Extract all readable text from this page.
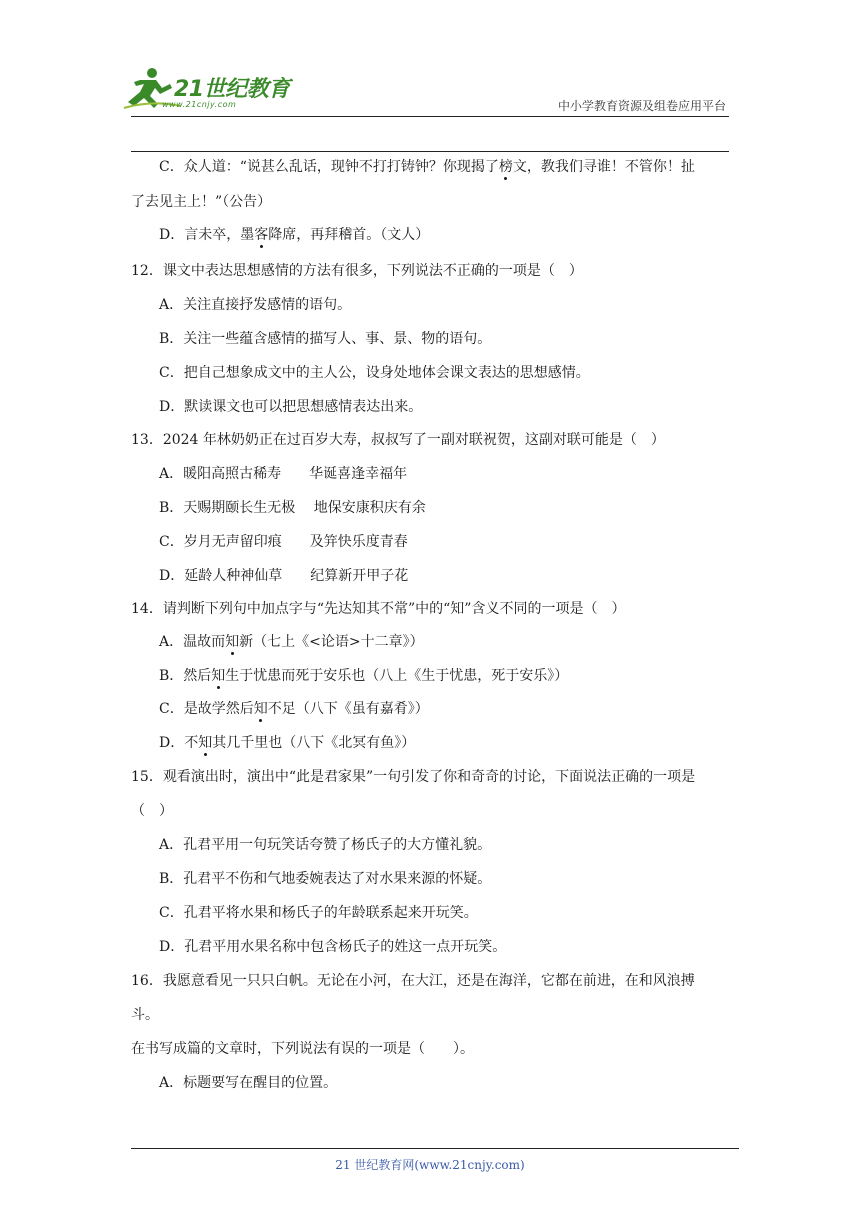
21世纪教育
www.21cnjy.com	中小学教育资源及组卷应用平台
C．众人道：“说甚么乱话，现钟不打打铸钟？你现揭了榜文，教我们寻谁！不管你！扯
了去见主上！”（公告）
D．言未卒，墨客降席，再拜稽首。（文人）
12．课文中表达思想感情的方法有很多，下列说法不正确的一项是（　）
A．关注直接抒发感情的语句。
B．关注一些蕴含感情的描写人、事、景、物的语句。
C．把自己想象成文中的主人公，设身处地体会课文表达的思想感情。
D．默读课文也可以把思想感情表达出来。
13．2024 年林奶奶正在过百岁大寿，叔叔写了一副对联祝贺，这副对联可能是（　）
A．暖阳高照古稀寿　　华诞喜逢幸福年
B．天赐期颐长生无极　 地保安康积庆有余
C．岁月无声留印痕　　及笄快乐度青春
D．延龄人种神仙草　　纪算新开甲子花
14．请判断下列句中加点字与“先达知其不常”中的“知”含义不同的一项是（　）
A．温故而知新（七上《<论语>十二章》）
B．然后知生于忧患而死于安乐也（八上《生于忧患，死于安乐》）
C．是故学然后知不足（八下《虽有嘉肴》）
D．不知其几千里也（八下《北冥有鱼》）
15．观看演出时，演出中“此是君家果”一句引发了你和奇奇的讨论，下面说法正确的一项是
（　）
A．孔君平用一句玩笑话夸赞了杨氏子的大方懂礼貌。
B．孔君平不伤和气地委婉表达了对水果来源的怀疑。
C．孔君平将水果和杨氏子的年龄联系起来开玩笑。
D．孔君平用水果名称中包含杨氏子的姓这一点开玩笑。
16．我愿意看见一只只白帆。无论在小河，在大江，还是在海洋，它都在前进，在和风浪搏
斗。
在书写成篇的文章时，下列说法有误的一项是（　　）。
A．标题要写在醒目的位置。
21 世纪教育网(www.21cnjy.com)
